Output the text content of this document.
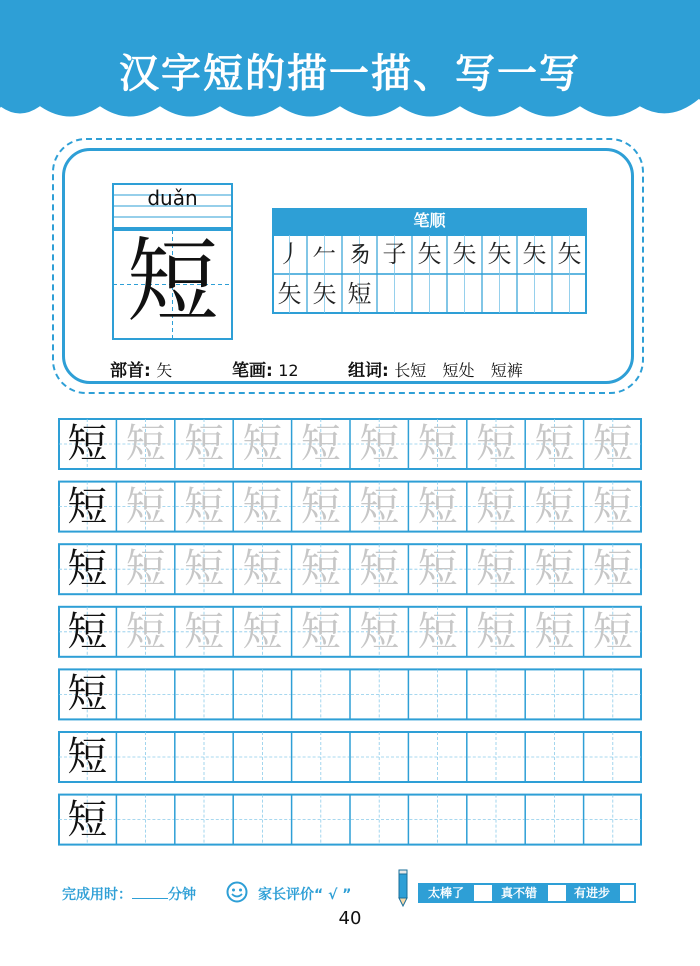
汉字短的描一描、写一写
duǎn
短
笔顺
丿 𠂉 𠃓 子 矢 矢 矢 矢 矢
矢 矢 短
部首: 矢	笔画: 12	组词: 长短 短处 短裤
短 短 短 短 短 短 短 短 短 短
短 短 短 短 短 短 短 短 短 短
短 短 短 短 短 短 短 短 短 短
短 短 短 短 短 短 短 短 短 短
短
短
短
完成用时：	分钟	家长评价“ √ ”	太棒了	真不错	有进步
40
